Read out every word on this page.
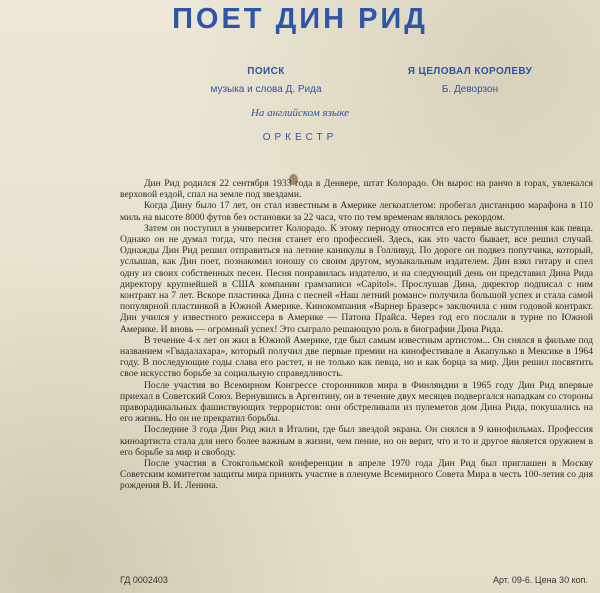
ПОЕТ ДИН РИД
ПОИСК
музыка и слова Д. Рида
Я ЦЕЛОВАЛ КОРОЛЕВУ
Б. Деворзон
На английском языке
ОРКЕСТР

Дин Рид родился 22 сентября 1933 года в Денвере, штат Колорадо. Он вырос на ранчо в горах, увлекался верховой ездой, спал на земле под звездами.

Когда Дину было 17 лет, он стал известным в Америке легкоатлетом: пробегал дистанцию марафона в 110 миль на высоте 8000 футов без остановки за 22 часа, что по тем временам являлось рекордом.

Затем он поступил в университет Колорадо. К этому периоду относятся его первые выступления как певца. Однако он не думал тогда, что песня станет его профессией. Здесь, как это часто бывает, все решил случай. Однажды Дин Рид решил отправиться на летние каникулы в Голливуд. По дороге он подвез попутчика, который, услышав, как Дин поет, познакомил юношу со своим другом, музыкальным издателем. Дин взял гитару и спел одну из своих собственных песен. Песня понравилась издателю, и на следующий день он представил Дина Рида директору крупнейшей в США компании грамзаписи «Capitol». Прослушав Дина, директор подписал с ним контракт на 7 лет. Вскоре пластинка Дина с песней «Наш летний романс» получила большой успех и стала самой популярной пластинкой в Южной Америке. Кинокомпания «Варнер Бразерс» заключила с ним годовой контракт. Дин учился у известного режиссера в Америке — Патона Прайса. Через год его послали в турне по Южной Америке. И вновь — огромный успех! Это сыграло решающую роль в биографии Дина Рида.

В течение 4-х лет он жил в Южной Америке, где был самым известным артистом... Он снялся в фильме под названием «Гвадалахара», который получил две первые премии на кинофестивале в Акапулько в Мексике в 1964 году. В последующие годы слава его растет, и не только как певца, но и как борца за мир. Дин решил посвятить свое искусство борьбе за социальную справедливость.

После участия во Всемирном Конгрессе сторонников мира в Финляндии в 1965 году Дин Рид впервые приехал в Советский Союз. Вернувшись в Аргентину, он в течение двух месяцев подвергался нападкам со стороны праворадикальных фашиствующих террористов: они обстреливали из пулеметов дом Дина Рида, покушались на его жизнь. Но он не прекратил борьбы.

Последние 3 года Дин Рид жил в Италии, где был звездой экрана. Он снялся в 9 кинофильмах. Профессия киноартиста стала для него более важным в жизни, чем пение, но он верит, что и то и другое является оружием в его борьбе за мир и свободу.

После участия в Стокгольмской конференции в апреле 1970 года Дин Рид был приглашен в Москву Советским комитетом защиты мира принять участие в пленуме Всемирного Совета Мира в честь 100-летия со дня рождения В. И. Ленина.

ГД 0002403	Арт. 09-6. Цена 30 коп.
